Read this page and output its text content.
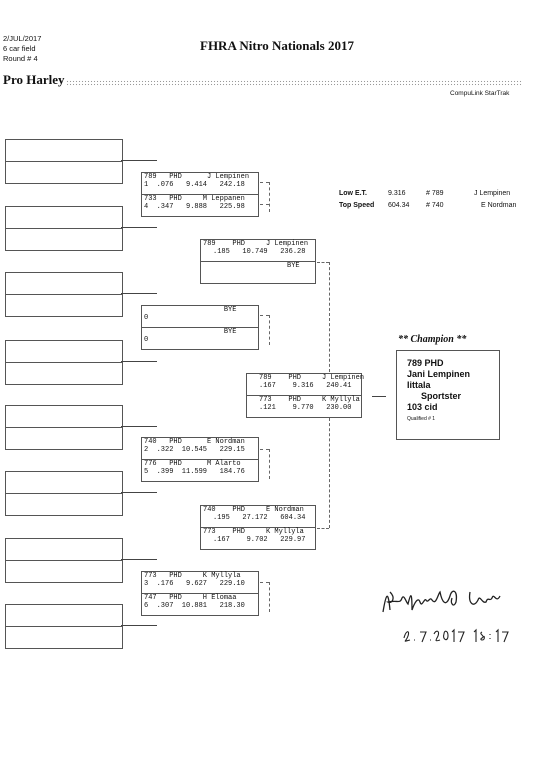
2/JUL/2017
6 car field
Round # 4
FHRA Nitro Nationals 2017
Pro Harley
CompuLink StarTrak
789   PHD      J Lempinen
1  .076   9.414   242.18
733   PHD     M Leppanen
4  .347   9.888   225.98
BYE
0
BYE
0
740   PHD      E Nordman
2  .322  10.545   229.15
776   PHD      M Alarto
5  .399  11.599   184.76
773   PHD     K Myllyla
3  .176   9.627   229.10
747   PHD     H Elomaa
6  .307  10.881   218.30
789    PHD     J Lempinen
.185   10.749   236.28
BYE
740    PHD     E Nordman
.195   27.172   604.34
773    PHD     K Myllyla
.167    9.702   229.97
789    PHD     J Lempinen
.167    9.316   240.41
773    PHD     K Myllyla
.121    9.770   230.00
Low E.T.	9.316	# 789	J Lempinen
Top Speed 604.34 # 740	E Nordman
** Champion **
789 PHD
Jani Lempinen
Iittala
Sportster
103 cid
Qualified # 1
